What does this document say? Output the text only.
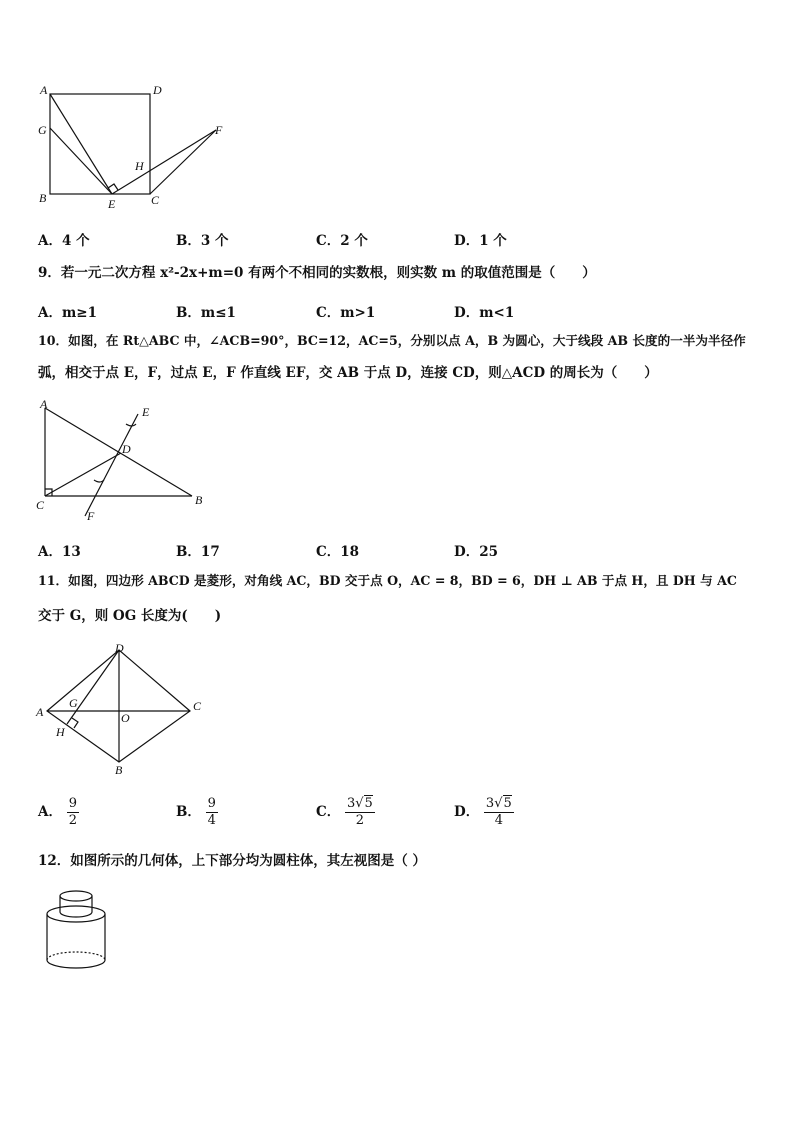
A	D
G	F
H
B	E	C
A．4 个	B．3 个	C．2 个	D．1 个
9．若一元二次方程 x²-2x+m=0 有两个不相同的实数根，则实数 m 的取值范围是（　　）
A．m≥1	B．m≤1	C．m>1	D．m<1
10．如图，在 Rt△ABC 中，∠ACB=90°，BC=12，AC=5，分别以点 A，B 为圆心，大于线段 AB 长度的一半为半径作
弧，相交于点 E，F，过点 E，F 作直线 EF，交 AB 于点 D，连接 CD，则△ACD 的周长为（　　）
A
E
D
C
F
B
A．13	B．17	C．18	D．25
11．如图，四边形 ABCD 是菱形，对角线 AC，BD 交于点 O，AC = 8，BD = 6，DH ⊥ AB 于点 H，且 DH 与 AC
交于 G，则 OG 长度为(　　)
D
A
G
O
C
H
B
A． $\frac{9}{2}$	B． $\frac{9}{4}$	C． $\frac{3√5}{2}$	D． $\frac{3√5}{4}$
12．如图所示的几何体，上下部分均为圆柱体，其左视图是（ ）
